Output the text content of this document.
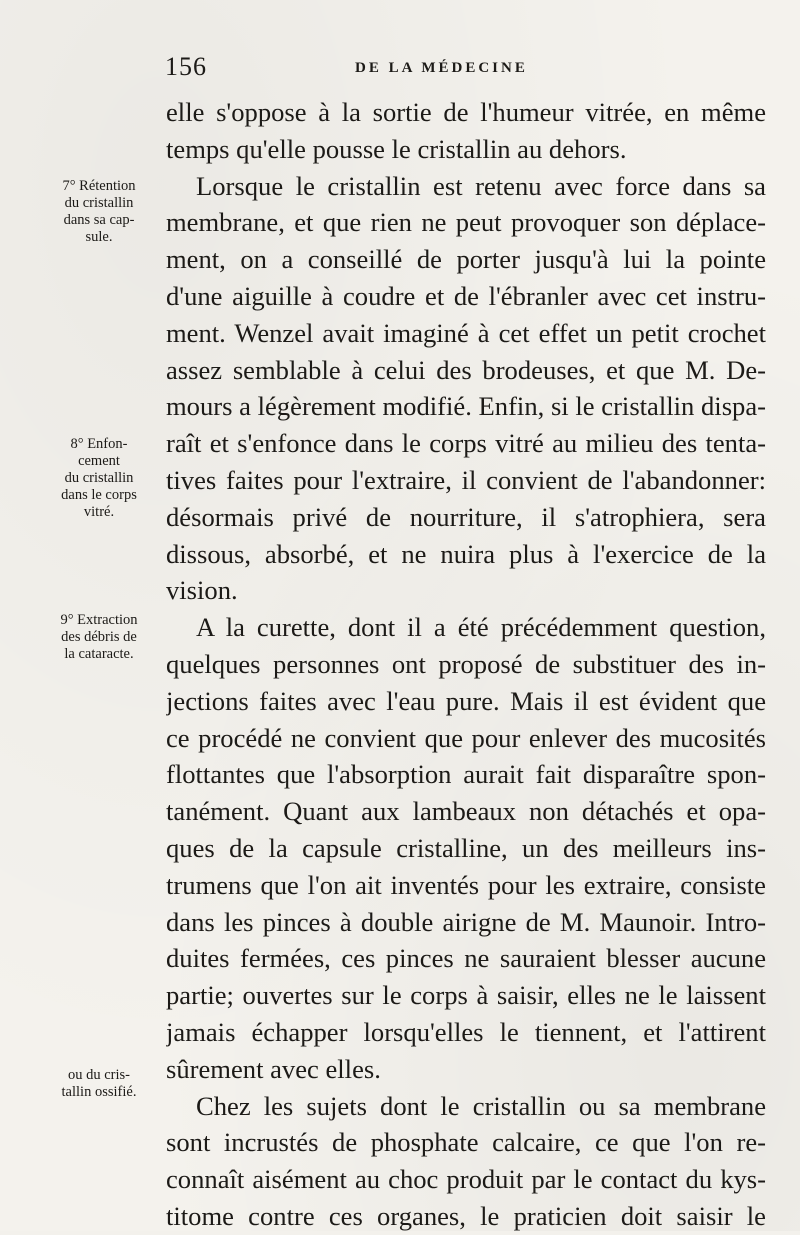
156	DE LA MÉDECINE
7° Rétention
du cristallin
dans sa cap-
sule.
8° Enfon-
cement
du cristallin
dans le corps
vitré.
9° Extraction
des débris de
la cataracte.
ou du cris-
tallin ossifié.
elle s'oppose à la sortie de l'humeur vitrée, en même
temps qu'elle pousse le cristallin au dehors.
Lorsque le cristallin est retenu avec force dans sa
membrane, et que rien ne peut provoquer son déplace-
ment, on a conseillé de porter jusqu'à lui la pointe
d'une aiguille à coudre et de l'ébranler avec cet instru-
ment. Wenzel avait imaginé à cet effet un petit crochet
assez semblable à celui des brodeuses, et que M. De-
mours a légèrement modifié. Enfin, si le cristallin dispa-
raît et s'enfonce dans le corps vitré au milieu des tenta-
tives faites pour l'extraire, il convient de l'abandonner:
désormais privé de nourriture, il s'atrophiera, sera
dissous, absorbé, et ne nuira plus à l'exercice de la
vision.
A la curette, dont il a été précédemment question,
quelques personnes ont proposé de substituer des in-
jections faites avec l'eau pure. Mais il est évident que
ce procédé ne convient que pour enlever des mucosités
flottantes que l'absorption aurait fait disparaître spon-
tanément. Quant aux lambeaux non détachés et opa-
ques de la capsule cristalline, un des meilleurs ins-
trumens que l'on ait inventés pour les extraire, consiste
dans les pinces à double airigne de M. Maunoir. Intro-
duites fermées, ces pinces ne sauraient blesser aucune
partie; ouvertes sur le corps à saisir, elles ne le laissent
jamais échapper lorsqu'elles le tiennent, et l'attirent
sûrement avec elles.
Chez les sujets dont le cristallin ou sa membrane
sont incrustés de phosphate calcaire, ce que l'on re-
connaît aisément au choc produit par le contact du kys-
titome contre ces organes, le praticien doit saisir le
